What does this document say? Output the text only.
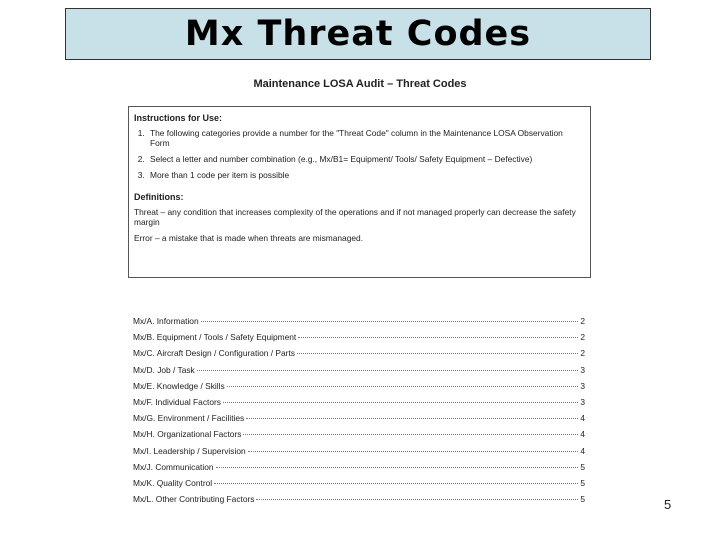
Mx Threat Codes
Maintenance LOSA Audit – Threat Codes
Instructions for Use:
1. The following categories provide a number for the "Threat Code" column in the Maintenance LOSA Observation Form
2. Select a letter and number combination (e.g., Mx/B1= Equipment/ Tools/ Safety Equipment – Defective)
3. More than 1 code per item is possible
Definitions:

Threat – any condition that increases complexity of the operations and if not managed properly can decrease the safety margin

Error – a mistake that is made when threats are mismanaged.

Mx/A. Information	2
Mx/B. Equipment / Tools / Safety Equipment	2
Mx/C. Aircraft Design / Configuration / Parts	2
Mx/D. Job / Task	3
Mx/E. Knowledge / Skills	3
Mx/F. Individual Factors	3
Mx/G. Environment / Facilities	4
Mx/H. Organizational Factors	4
Mx/I. Leadership / Supervision	4
Mx/J. Communication	5
Mx/K. Quality Control	5
Mx/L. Other Contributing Factors	5	5
